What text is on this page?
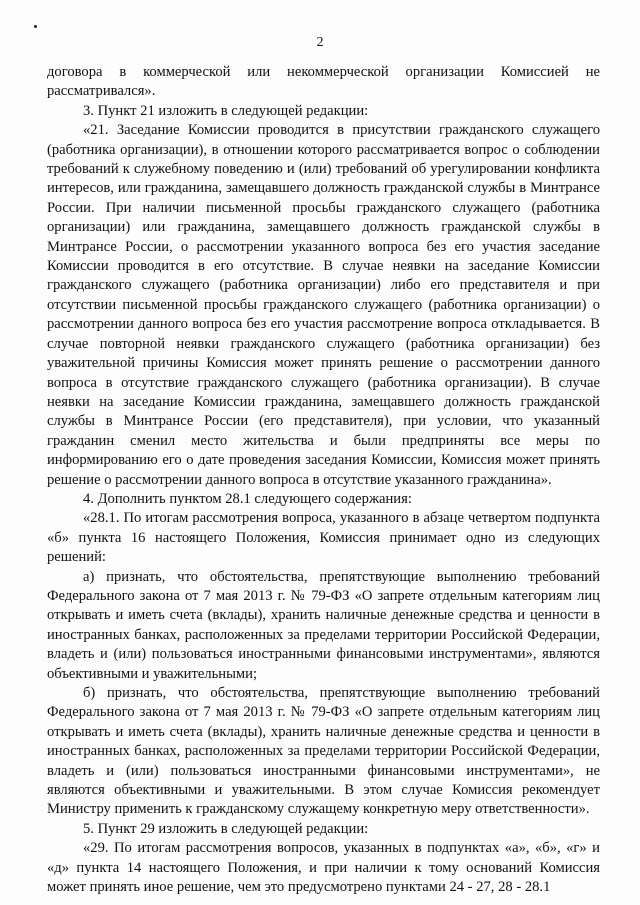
2

договора в коммерческой или некоммерческой организации Комиссией не рассматривался».

3. Пункт 21 изложить в следующей редакции:

«21. Заседание Комиссии проводится в присутствии гражданского служащего (работника организации), в отношении которого рассматривается вопрос о соблюдении требований к служебному поведению и (или) требований об урегулировании конфликта интересов, или гражданина, замещавшего должность гражданской службы в Минтрансе России. При наличии письменной просьбы гражданского служащего (работника организации) или гражданина, замещавшего должность гражданской службы в Минтрансе России, о рассмотрении указанного вопроса без его участия заседание Комиссии проводится в его отсутствие. В случае неявки на заседание Комиссии гражданского служащего (работника организации) либо его представителя и при отсутствии письменной просьбы гражданского служащего (работника организации) о рассмотрении данного вопроса без его участия рассмотрение вопроса откладывается. В случае повторной неявки гражданского служащего (работника организации) без уважительной причины Комиссия может принять решение о рассмотрении данного вопроса в отсутствие гражданского служащего (работника организации). В случае неявки на заседание Комиссии гражданина, замещавшего должность гражданской службы в Минтрансе России (его представителя), при условии, что указанный гражданин сменил место жительства и были предприняты все меры по информированию его о дате проведения заседания Комиссии, Комиссия может принять решение о рассмотрении данного вопроса в отсутствие указанного гражданина».

4. Дополнить пунктом 28.1 следующего содержания:

«28.1. По итогам рассмотрения вопроса, указанного в абзаце четвертом подпункта «б» пункта 16 настоящего Положения, Комиссия принимает одно из следующих решений:

а) признать, что обстоятельства, препятствующие выполнению требований Федерального закона от 7 мая 2013 г. № 79-ФЗ «О запрете отдельным категориям лиц открывать и иметь счета (вклады), хранить наличные денежные средства и ценности в иностранных банках, расположенных за пределами территории Российской Федерации, владеть и (или) пользоваться иностранными финансовыми инструментами», являются объективными и уважительными;

б) признать, что обстоятельства, препятствующие выполнению требований Федерального закона от 7 мая 2013 г. № 79-ФЗ «О запрете отдельным категориям лиц открывать и иметь счета (вклады), хранить наличные денежные средства и ценности в иностранных банках, расположенных за пределами территории Российской Федерации, владеть и (или) пользоваться иностранными финансовыми инструментами», не являются объективными и уважительными. В этом случае Комиссия рекомендует Министру применить к гражданскому служащему конкретную меру ответственности».

5. Пункт 29 изложить в следующей редакции:

«29. По итогам рассмотрения вопросов, указанных в подпунктах «а», «б», «г» и «д» пункта 14 настоящего Положения, и при наличии к тому оснований Комиссия может принять иное решение, чем это предусмотрено пунктами 24 - 27, 28 - 28.1
